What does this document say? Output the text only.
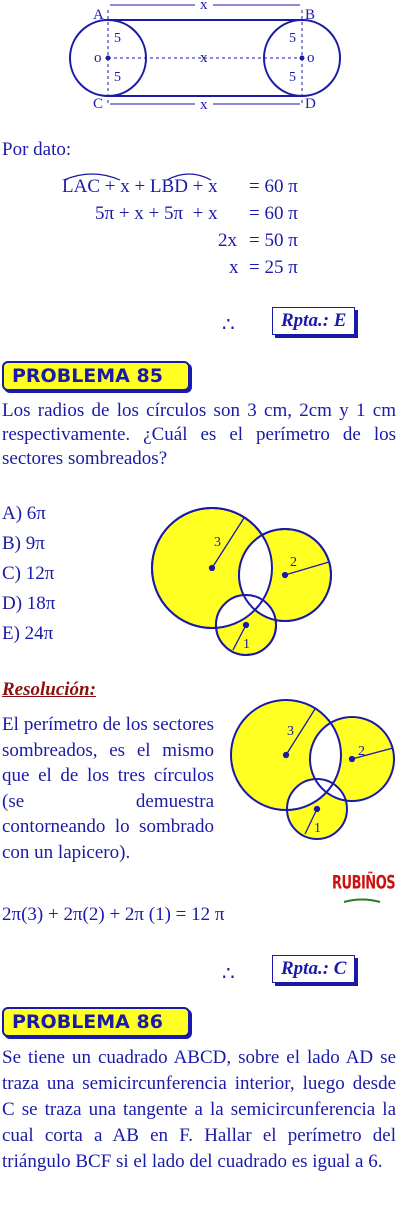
A	B
C	D
o	o
x
x
x
5
5
5
5
Por dato:
LAC + x + LBD + x = 60 π
5π + x + 5π  + x = 60 π
2x = 50 π
x = 25 π
∴	Rpta.: E
PROBLEMA 85
Los radios de los círculos son 3 cm, 2cm y 1 cm respectivamente. ¿Cuál es el perímetro de los sectores sombreados?
A) 6π
B) 9π
C) 12π
D) 18π
E) 24π
3
2
1
Resolución:
El perímetro de los sectores sombreados, es el mismo que el de los tres círculos (se demuestra contorneando lo sombrado con un lapicero).
3
2
1
RUBIÑOS
2π(3) + 2π(2) + 2π (1) = 12 π
∴	Rpta.: C
PROBLEMA 86
Se tiene un cuadrado ABCD, sobre el lado AD se traza una semicircunferencia interior, luego desde C se traza una tangente a la semicircunferencia la cual corta a AB en F. Hallar el perímetro del triángulo BCF si el lado del cuadrado es igual a 6.
